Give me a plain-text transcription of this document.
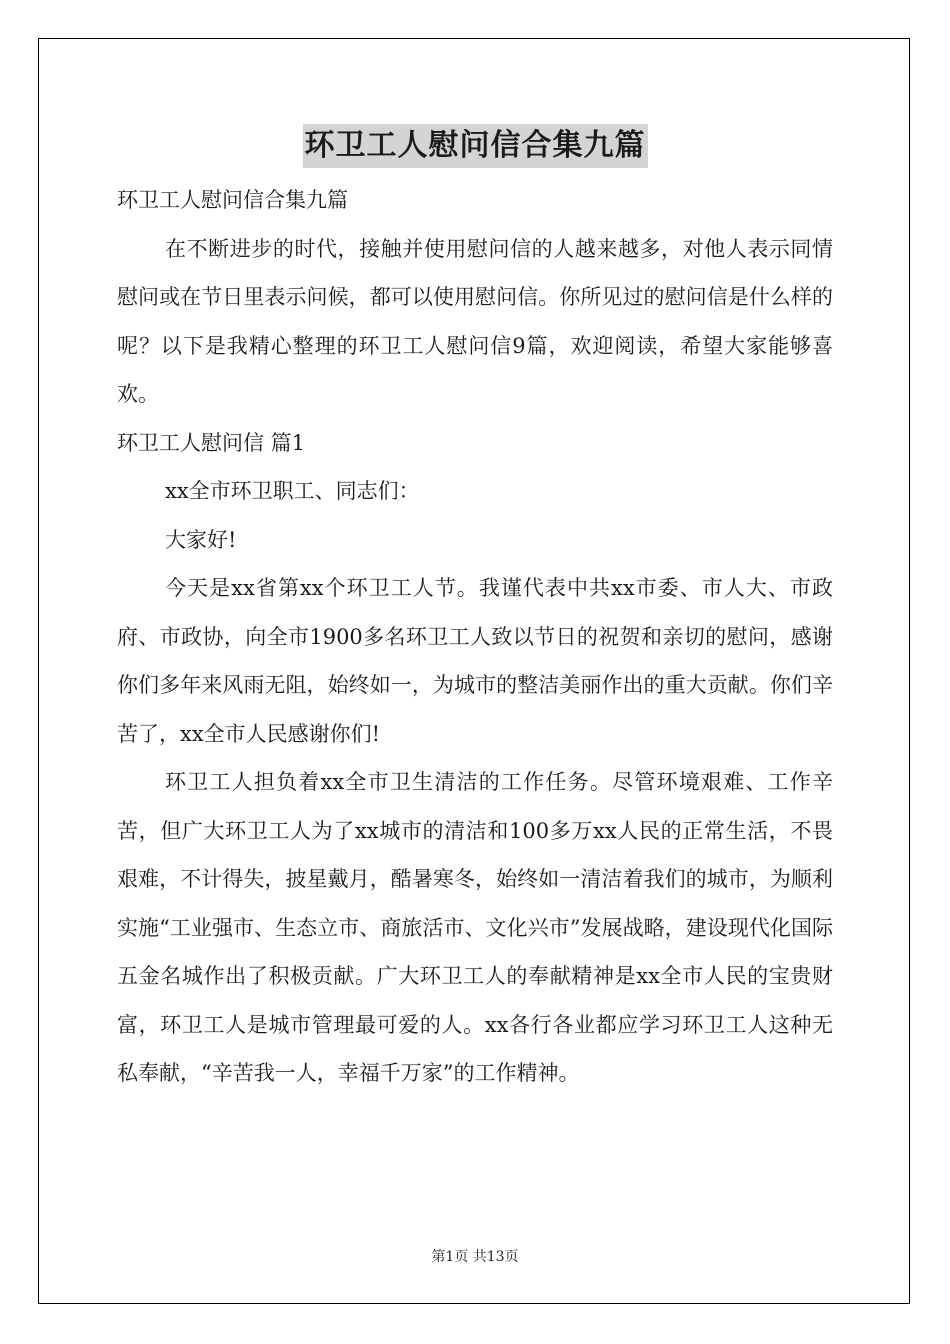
环卫工人慰问信合集九篇

环卫工人慰问信合集九篇

在不断进步的时代，接触并使用慰问信的人越来越多，对他人表示同情慰问或在节日里表示问候，都可以使用慰问信。你所见过的慰问信是什么样的呢？以下是我精心整理的环卫工人慰问信9篇，欢迎阅读，希望大家能够喜欢。

环卫工人慰问信 篇1

xx全市环卫职工、同志们：

大家好!

今天是xx省第xx个环卫工人节。我谨代表中共xx市委、市人大、市政府、市政协，向全市1900多名环卫工人致以节日的祝贺和亲切的慰问，感谢你们多年来风雨无阻，始终如一，为城市的整洁美丽作出的重大贡献。你们辛苦了，xx全市人民感谢你们!

环卫工人担负着xx全市卫生清洁的工作任务。尽管环境艰难、工作辛苦，但广大环卫工人为了xx城市的清洁和100多万xx人民的正常生活，不畏艰难，不计得失，披星戴月，酷暑寒冬，始终如一清洁着我们的城市，为顺利实施“工业强市、生态立市、商旅活市、文化兴市”发展战略，建设现代化国际五金名城作出了积极贡献。广大环卫工人的奉献精神是xx全市人民的宝贵财富，环卫工人是城市管理最可爱的人。xx各行各业都应学习环卫工人这种无私奉献，“辛苦我一人，幸福千万家”的工作精神。

第1页 共13页
